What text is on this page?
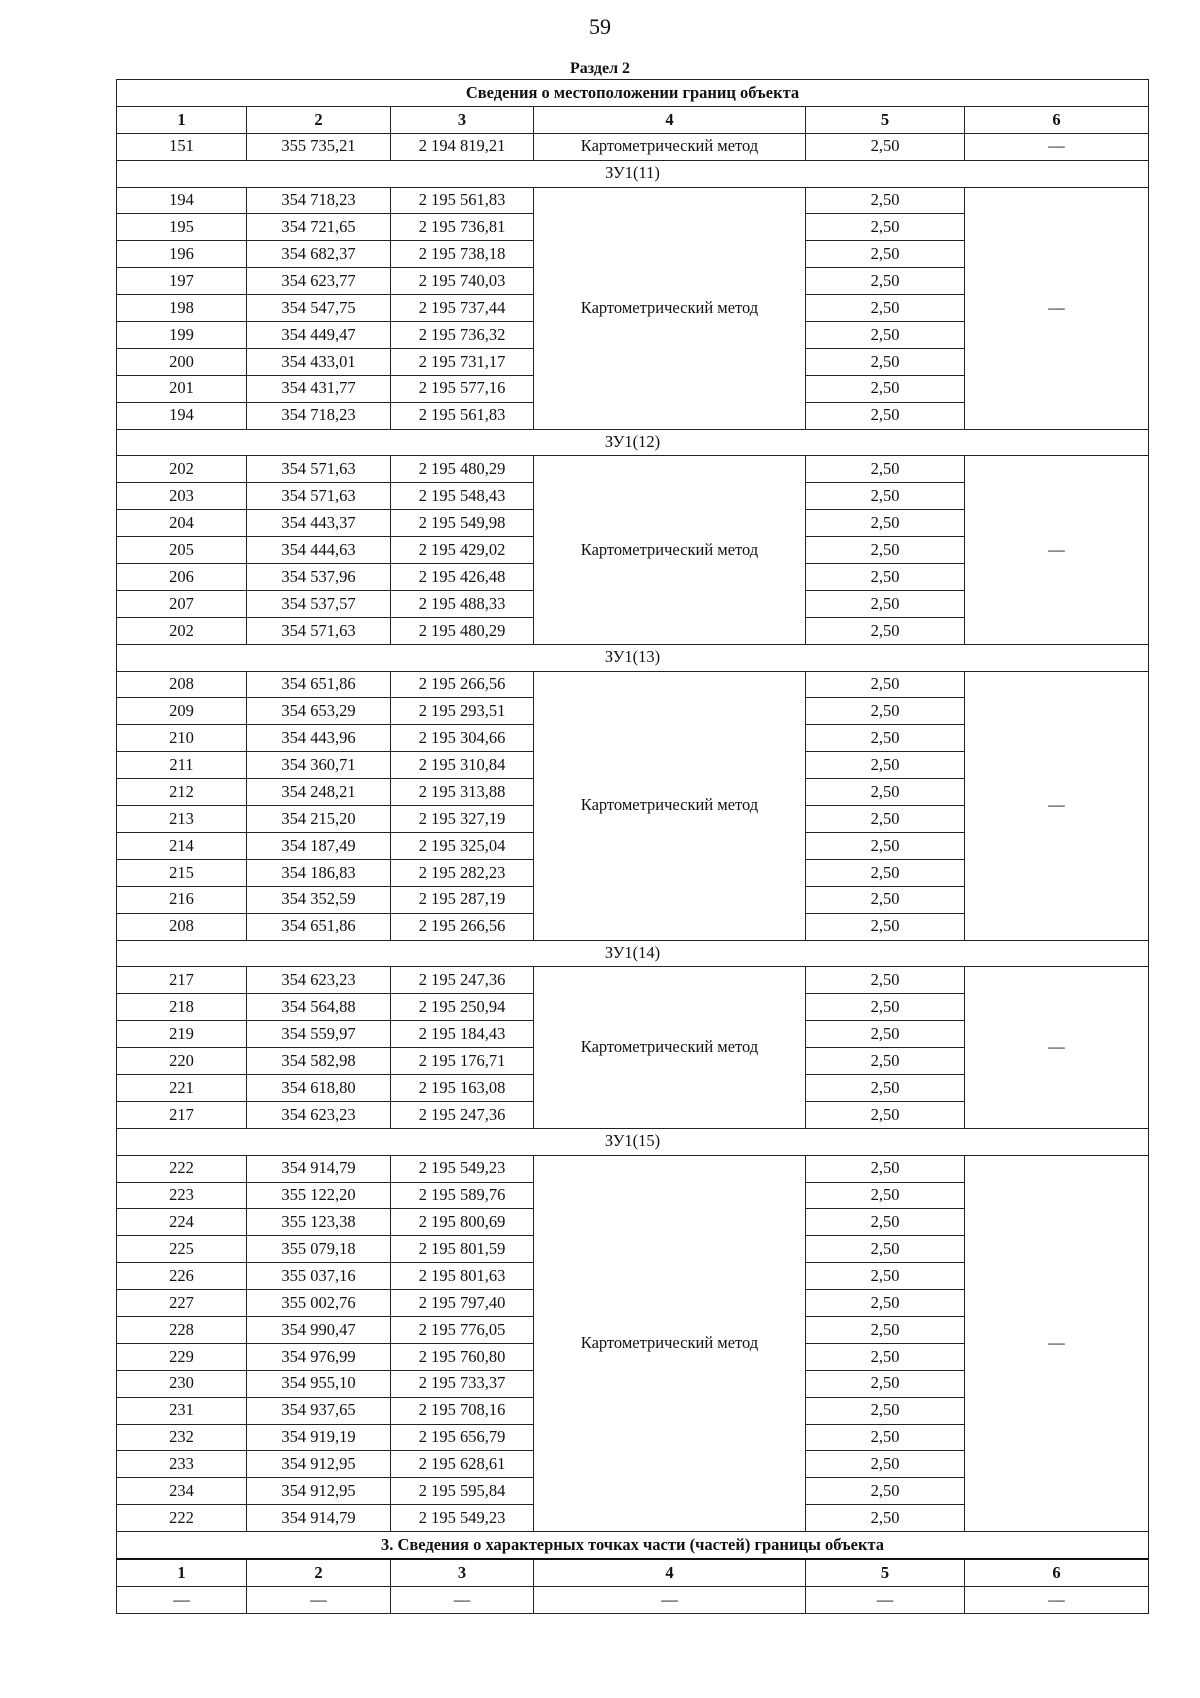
59
Раздел 2
Сведения о местоположении границ объекта					
1	2	3	4	5	6
151	355 735,21	2 194 819,21	Картометрический метод	2,50	—
ЗУ1(11)					
194	354 718,23	2 195 561,83	Картометрический метод	2,50	—
195	354 721,65	2 195 736,81		2,50	
196	354 682,37	2 195 738,18		2,50	
197	354 623,77	2 195 740,03		2,50	
198	354 547,75	2 195 737,44		2,50	
199	354 449,47	2 195 736,32		2,50	
200	354 433,01	2 195 731,17		2,50	
201	354 431,77	2 195 577,16		2,50	
194	354 718,23	2 195 561,83		2,50	
ЗУ1(12)					
202	354 571,63	2 195 480,29	Картометрический метод	2,50	—
203	354 571,63	2 195 548,43		2,50	
204	354 443,37	2 195 549,98		2,50	
205	354 444,63	2 195 429,02		2,50	
206	354 537,96	2 195 426,48		2,50	
207	354 537,57	2 195 488,33		2,50	
202	354 571,63	2 195 480,29		2,50	
ЗУ1(13)					
208	354 651,86	2 195 266,56	Картометрический метод	2,50	—
209	354 653,29	2 195 293,51		2,50	
210	354 443,96	2 195 304,66		2,50	
211	354 360,71	2 195 310,84		2,50	
212	354 248,21	2 195 313,88		2,50	
213	354 215,20	2 195 327,19		2,50	
214	354 187,49	2 195 325,04		2,50	
215	354 186,83	2 195 282,23		2,50	
216	354 352,59	2 195 287,19		2,50	
208	354 651,86	2 195 266,56		2,50	
ЗУ1(14)					
217	354 623,23	2 195 247,36	Картометрический метод	2,50	—
218	354 564,88	2 195 250,94		2,50	
219	354 559,97	2 195 184,43		2,50	
220	354 582,98	2 195 176,71		2,50	
221	354 618,80	2 195 163,08		2,50	
217	354 623,23	2 195 247,36		2,50	
ЗУ1(15)					
222	354 914,79	2 195 549,23	Картометрический метод	2,50	—
223	355 122,20	2 195 589,76		2,50	
224	355 123,38	2 195 800,69		2,50	
225	355 079,18	2 195 801,59		2,50	
226	355 037,16	2 195 801,63		2,50	
227	355 002,76	2 195 797,40		2,50	
228	354 990,47	2 195 776,05		2,50	
229	354 976,99	2 195 760,80		2,50	
230	354 955,10	2 195 733,37		2,50	
231	354 937,65	2 195 708,16		2,50	
232	354 919,19	2 195 656,79		2,50	
233	354 912,95	2 195 628,61		2,50	
234	354 912,95	2 195 595,84		2,50	
222	354 914,79	2 195 549,23		2,50	
3. Сведения о характерных точках части (частей) границы объекта					
1	2	3	4	5	6
—	—	—	—	—	—
